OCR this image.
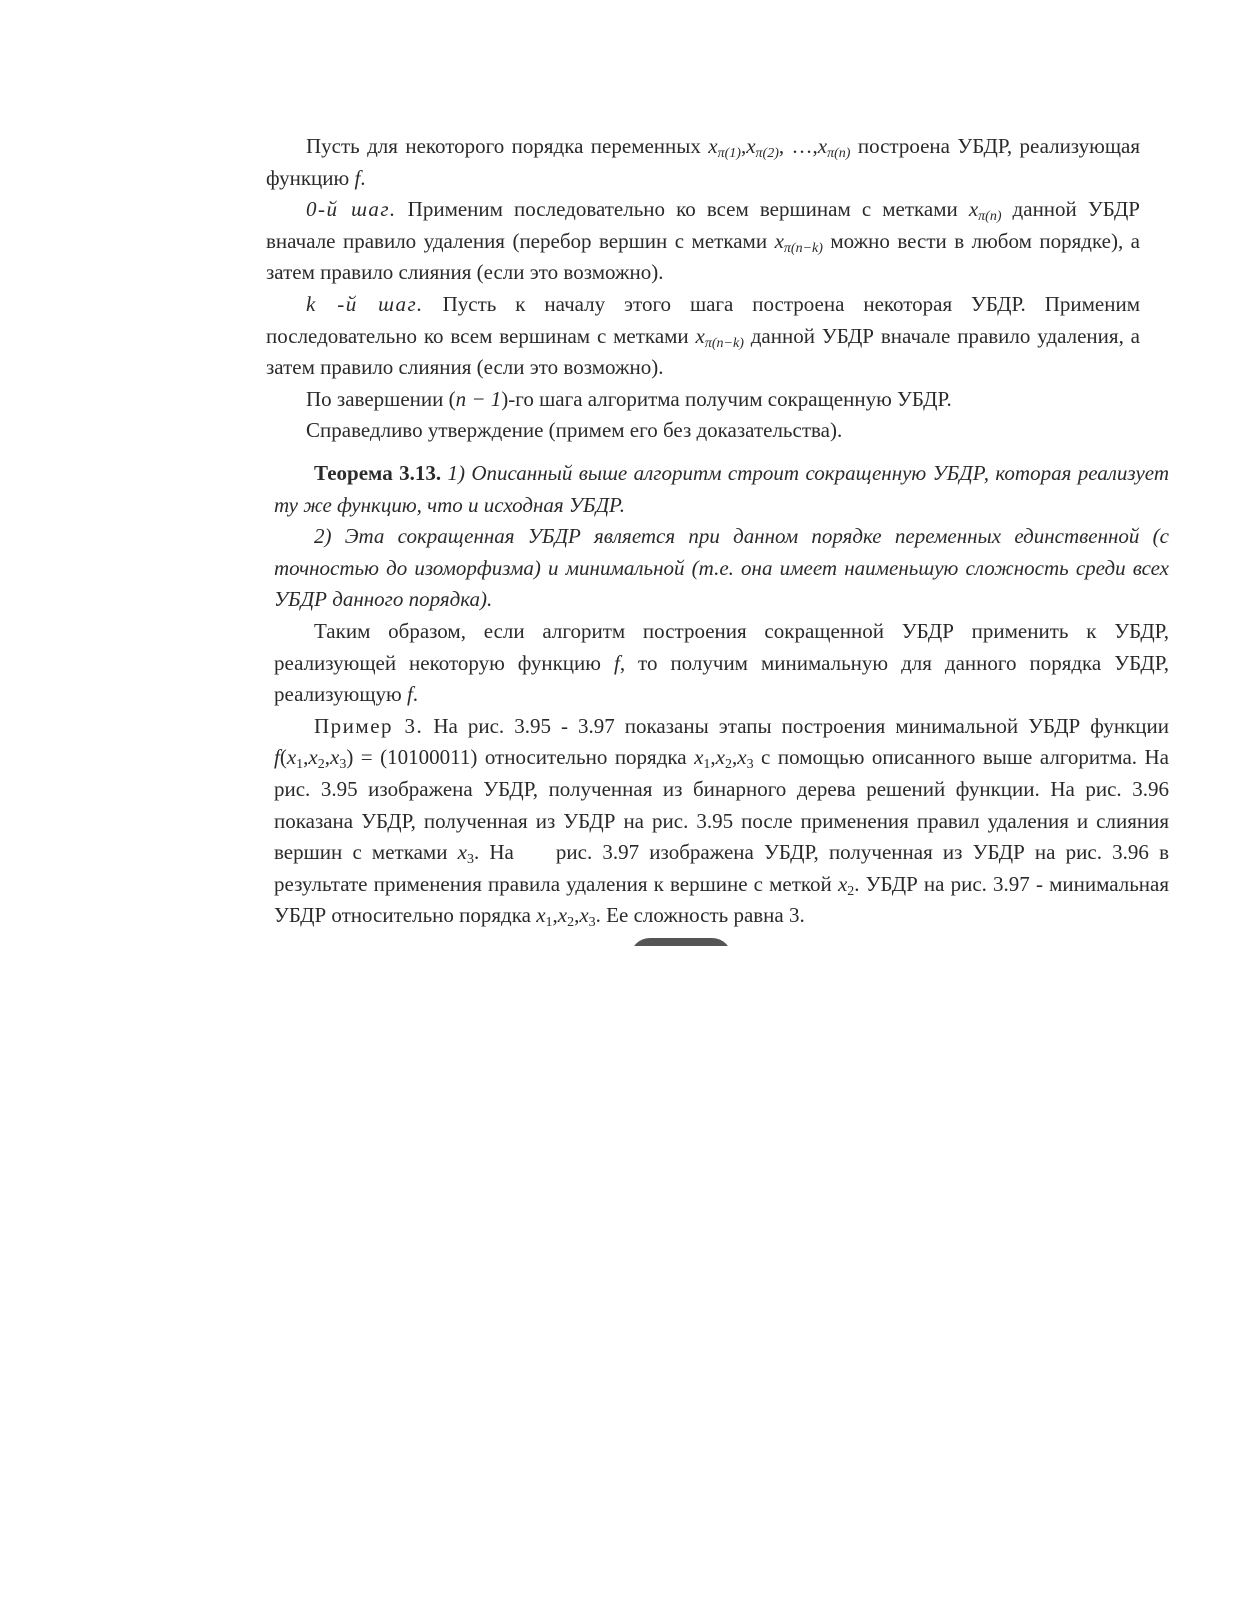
Пусть для некоторого порядка переменных $x_{\pi(1)},x_{\pi(2)}$, $\dots,x_{\pi(n)}$ построена УБДР, реализующая функцию f.

0-й шаг. Применим последовательно ко всем вершинам с метками $x_{\pi(n)}$ данной УБДР вначале правило удаления (перебор вершин с метками $x_{\pi(n-k)}$ можно вести в любом порядке), а затем правило слияния (если это возможно).

k -й шаг. Пусть к началу этого шага построена некоторая УБДР. Применим последовательно ко всем вершинам с метками $x_{\pi(n-k)}$ данной УБДР вначале правило удаления, а затем правило слияния (если это возможно).

По завершении (n − 1)-го шага алгоритма получим сокращенную УБДР.

Справедливо утверждение (примем его без доказательства).

Теорема 3.13. 1) Описанный выше алгоритм строит сокращенную УБДР, которая реализует ту же функцию, что и исходная УБДР.

2) Эта сокращенная УБДР является при данном порядке переменных единственной (с точностью до изоморфизма) и минимальной (т.е. она имеет наименьшую сложность среди всех УБДР данного порядка).

Таким образом, если алгоритм построения сокращенной УБДР применить к УБДР, реализующей некоторую функцию f, то получим минимальную для данного порядка УБДР, реализующую f.

Пример 3. На рис. 3.95 - 3.97 показаны этапы построения минимальной УБДР функции $f(x_1,x_2,x_3) = (10100011)$ относительно порядка $x_1,x_2,x_3$ с помощью описанного выше алгоритма. На рис. 3.95 изображена УБДР, полученная из бинарного дерева решений функции. На рис. 3.96 показана УБДР, полученная из УБДР на рис. 3.95 после применения правил удаления и слияния вершин с метками $x_3$. На рис. 3.97 изображена УБДР, полученная из УБДР на рис. 3.96 в результате применения правила удаления к вершине с меткой $x_2$. УБДР на рис. 3.97 - минимальная УБДР относительно порядка $x_1,x_2,x_3$. Ее сложность равна 3.
